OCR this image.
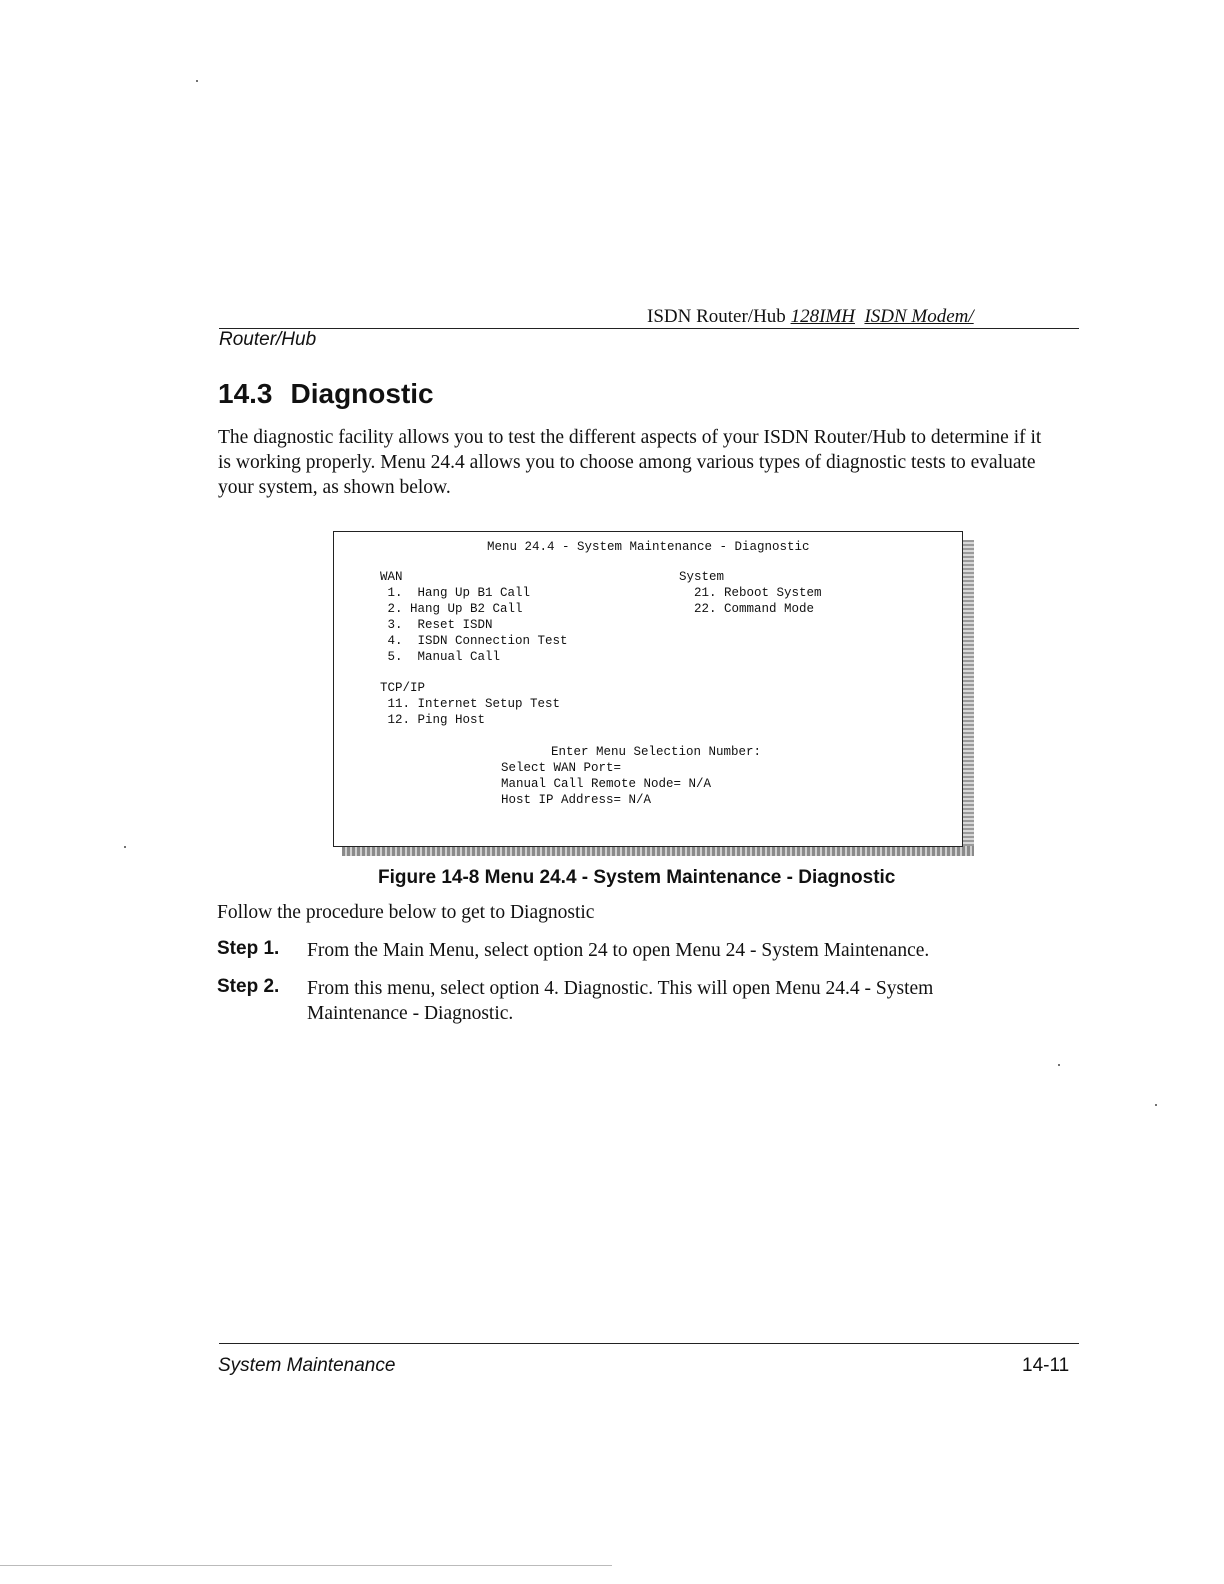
ISDN Router/Hub 128IMH ISDN Modem/
Router/Hub
14.3 Diagnostic
The diagnostic facility allows you to test the different aspects of your ISDN Router/Hub to determine if it is working properly. Menu 24.4 allows you to choose among various types of diagnostic tests to evaluate your system, as shown below.
Menu 24.4 - System Maintenance - Diagnostic
WAN
1.  Hang Up B1 Call
2. Hang Up B2 Call
3.  Reset ISDN
4.  ISDN Connection Test
5.  Manual Call
System
21. Reboot System
22. Command Mode
TCP/IP
11. Internet Setup Test
12. Ping Host
Enter Menu Selection Number:
Select WAN Port=
Manual Call Remote Node= N/A
Host IP Address= N/A
Figure 14-8 Menu 24.4 - System Maintenance - Diagnostic
Follow the procedure below to get to Diagnostic
Step 1. From the Main Menu, select option 24 to open Menu 24 - System Maintenance.
Step 2. From this menu, select option 4. Diagnostic. This will open Menu 24.4 - System Maintenance - Diagnostic.
System Maintenance	14-11
